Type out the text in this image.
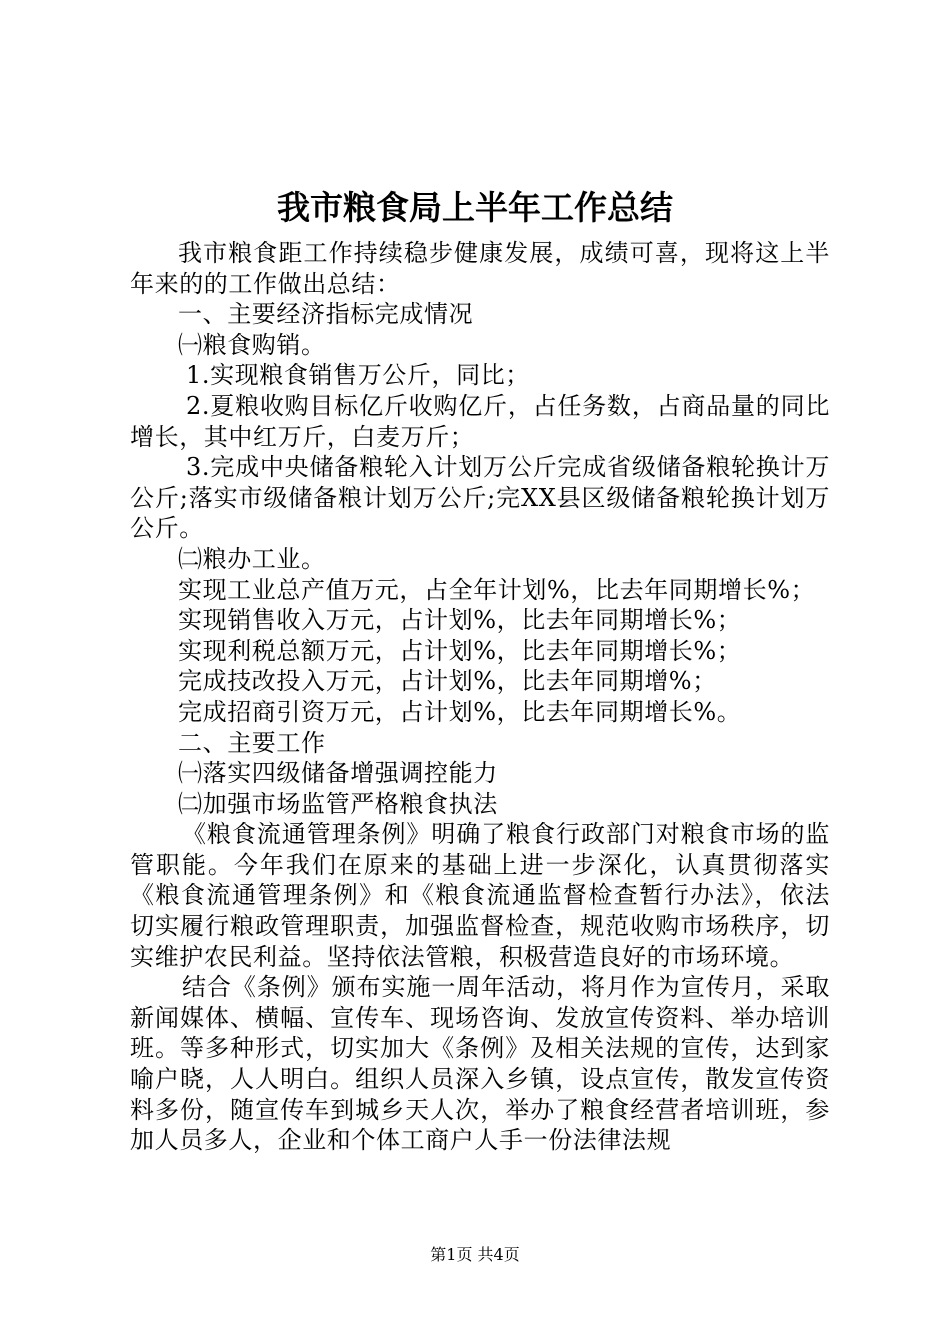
我市粮食局上半年工作总结

我市粮食距工作持续稳步健康发展，成绩可喜，现将这上半年来的的工作做出总结：

一、主要经济指标完成情况

㈠粮食购销。

1.实现粮食销售万公斤，同比；

2.夏粮收购目标亿斤收购亿斤，占任务数，占商品量的同比增长，其中红万斤，白麦万斤；

3.完成中央储备粮轮入计划万公斤完成省级储备粮轮换计万公斤;落实市级储备粮计划万公斤;完XX县区级储备粮轮换计划万公斤。

㈡粮办工业。

实现工业总产值万元，占全年计划%，比去年同期增长%；

实现销售收入万元，占计划%，比去年同期增长%；

实现利税总额万元，占计划%，比去年同期增长%；

完成技改投入万元，占计划%，比去年同期增%；

完成招商引资万元，占计划%，比去年同期增长%。

二、主要工作

㈠落实四级储备增强调控能力

㈡加强市场监管严格粮食执法

《粮食流通管理条例》明确了粮食行政部门对粮食市场的监管职能。今年我们在原来的基础上进一步深化，认真贯彻落实《粮食流通管理条例》和《粮食流通监督检查暂行办法》，依法切实履行粮政管理职责，加强监督检查，规范收购市场秩序，切实维护农民利益。坚持依法管粮，积极营造良好的市场环境。

结合《条例》颁布实施一周年活动，将月作为宣传月，采取新闻媒体、横幅、宣传车、现场咨询、发放宣传资料、举办培训班。等多种形式，切实加大《条例》及相关法规的宣传，达到家喻户晓，人人明白。组织人员深入乡镇，设点宣传，散发宣传资料多份，随宣传车到城乡天人次，举办了粮食经营者培训班，参加人员多人，企业和个体工商户人手一份法律法规

第1页 共4页
